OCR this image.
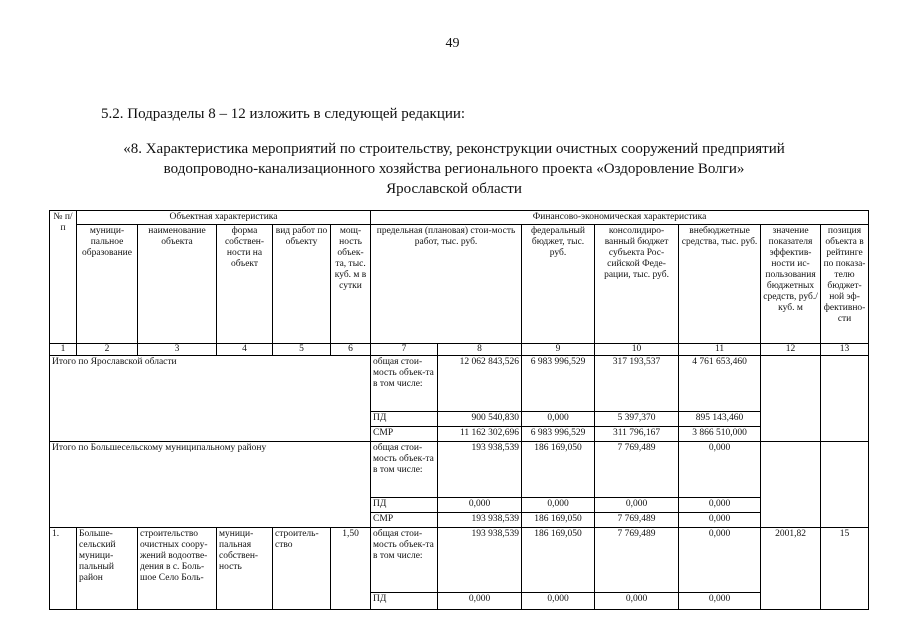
49
5.2. Подразделы 8 – 12 изложить в следующей редакции:
«8. Характеристика мероприятий по строительству, реконструкции очистных сооружений предприятий
водопроводно-канализационного хозяйства регионального проекта «Оздоровление Волги»
Ярославской области
№ п/п	Объектная характеристика					Финансово-экономическая характеристика						
	муници-пальное образование	наименование объекта	форма собствен-ности на объект	вид работ по объекту	мощ-ность объек-та, тыс. куб. м в сутки	предельная (плановая) стои-мость работ, тыс. руб.		федеральный бюджет, тыс. руб.	консолидиро-ванный бюджет субъекта Рос-сийской Феде-рации, тыс. руб.	внебюджетные средства, тыс. руб.	значение показателя эффектив-ности ис-пользования бюджетных средств, руб./ куб. м	позиция объекта в рейтинге по показа-телю бюджет-ной эф-фективно-сти
1	2	3	4	5	6	7	8	9	10	11	12	13
Итого по Ярославской области						общая стои-мость объек-та в том числе:	12 062 843,526	6 983 996,529	317 193,537	4 761 653,460		
						ПД	900 540,830	0,000	5 397,370	895 143,460		
						СМР	11 162 302,696	6 983 996,529	311 796,167	3 866 510,000		
Итого по Большесельскому муниципальному району						общая стои-мость объек-та в том числе:	193 938,539	186 169,050	7 769,489	0,000		
						ПД	0,000	0,000	0,000	0,000		
						СМР	193 938,539	186 169,050	7 769,489	0,000		
1.	Больше-сельский муници-пальный район	строительство очистных соору-жений водоотве-дения в с. Боль-шое Село Боль-	муници-пальная собствен-ность	строитель-ство	1,50	общая стои-мость объек-та в том числе:	193 938,539	186 169,050	7 769,489	0,000	2001,82	15
						ПД	0,000	0,000	0,000	0,000		
